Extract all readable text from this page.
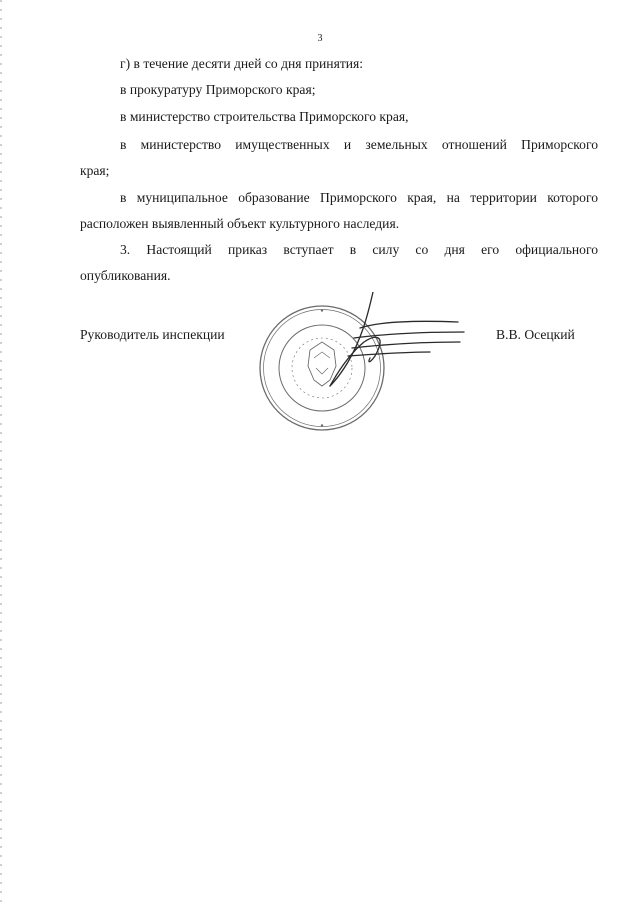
3
г) в течение десяти дней со дня принятия:
в прокуратуру Приморского края;
в министерство строительства Приморского края,
в министерство имущественных и земельных отношений Приморского
края;
в муниципальное образование Приморского края, на территории которого
расположен выявленный объект культурного наследия.
3. Настоящий приказ вступает в силу со дня его официального
опубликования.
Руководитель инспекции	В.В. Осецкий
